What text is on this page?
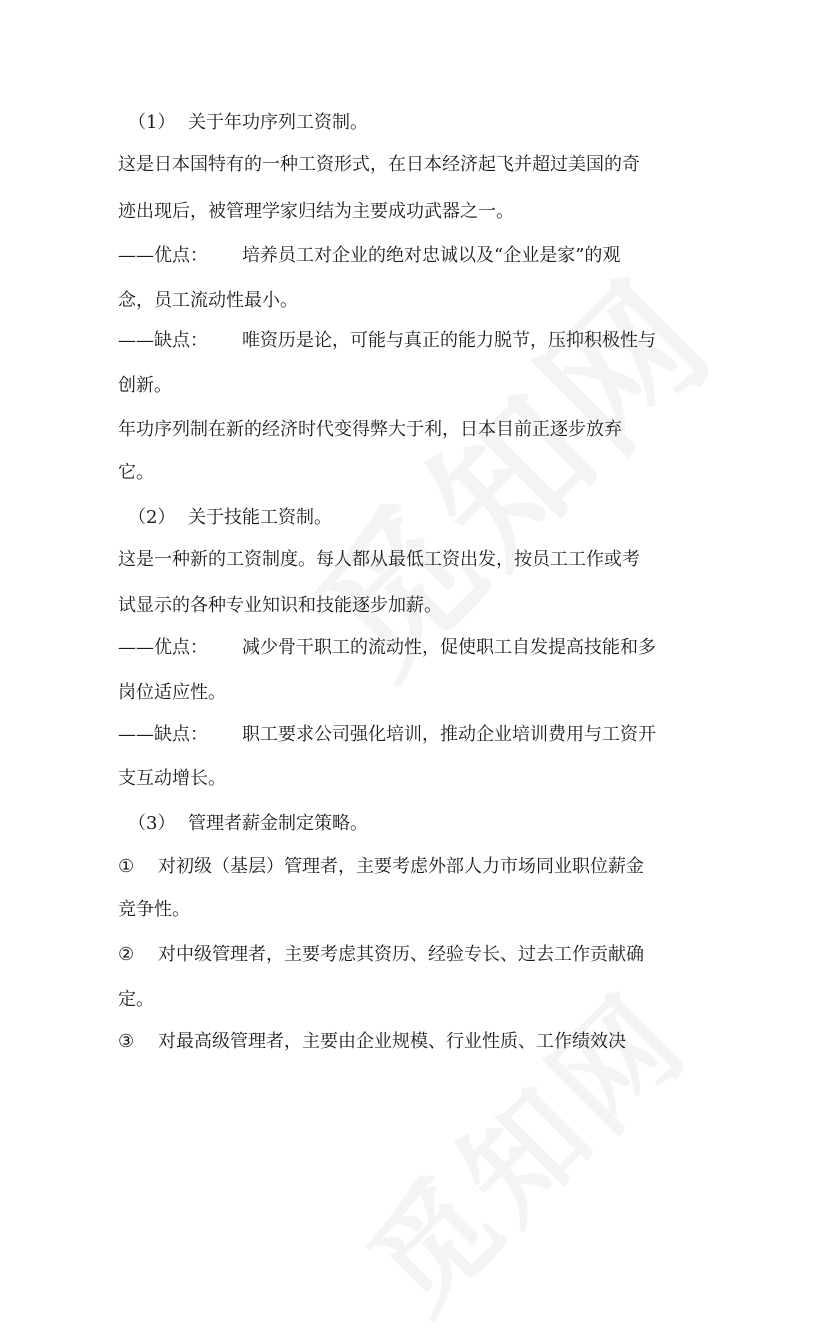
（1） 关于年功序列工资制。
这是日本国特有的一种工资形式，在日本经济起飞并超过美国的奇
迹出现后，被管理学家归结为主要成功武器之一。
——优点： 培养员工对企业的绝对忠诚以及“企业是家”的观
念，员工流动性最小。
——缺点： 唯资历是论，可能与真正的能力脱节，压抑积极性与
创新。
年功序列制在新的经济时代变得弊大于利，日本目前正逐步放弃
它。
（2） 关于技能工资制。
这是一种新的工资制度。每人都从最低工资出发，按员工工作或考
试显示的各种专业知识和技能逐步加薪。
——优点： 减少骨干职工的流动性，促使职工自发提高技能和多
岗位适应性。
——缺点： 职工要求公司强化培训，推动企业培训费用与工资开
支互动增长。
（3） 管理者薪金制定策略。
① 对初级（基层）管理者，主要考虑外部人力市场同业职位薪金
竞争性。
② 对中级管理者，主要考虑其资历、经验专长、过去工作贡献确
定。
③ 对最高级管理者，主要由企业规模、行业性质、工作绩效决
